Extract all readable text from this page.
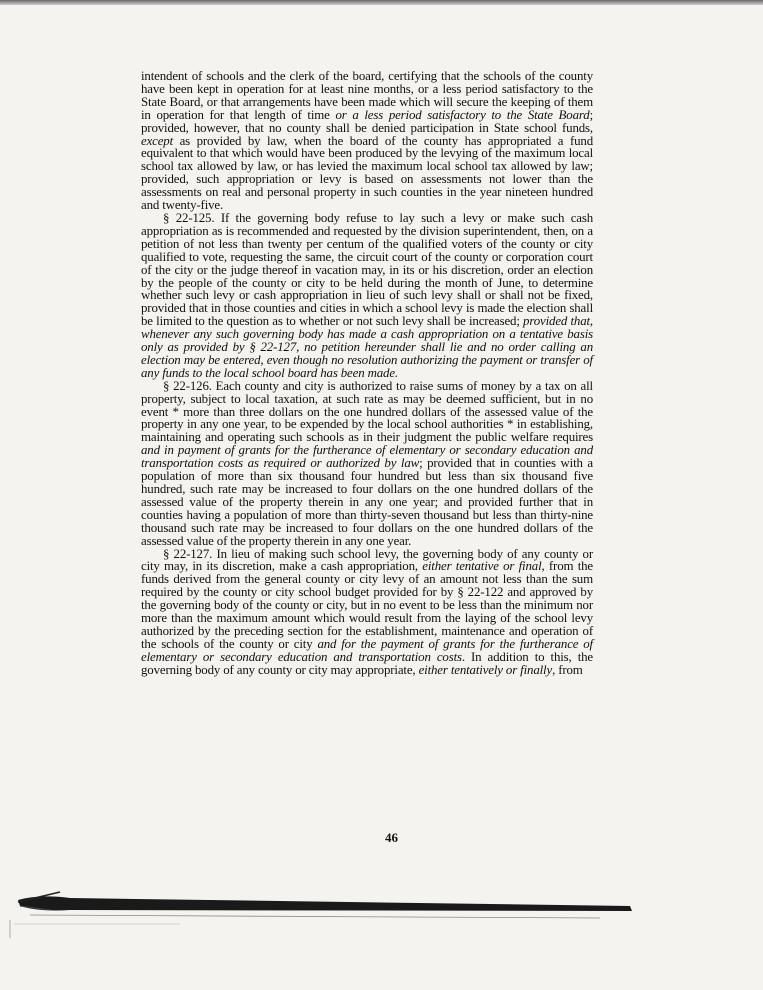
intendent of schools and the clerk of the board, certifying that the schools of the county have been kept in operation for at least nine months, or a less period satisfactory to the State Board, or that arrangements have been made which will secure the keeping of them in operation for that length of time or a less period satisfactory to the State Board; provided, however, that no county shall be denied participation in State school funds, except as provided by law, when the board of the county has appropriated a fund equivalent to that which would have been produced by the levying of the maximum local school tax allowed by law, or has levied the maximum local school tax allowed by law; provided, such appropriation or levy is based on assessments not lower than the assessments on real and personal property in such counties in the year nineteen hundred and twenty-five.

§ 22-125. If the governing body refuse to lay such a levy or make such cash appropriation as is recommended and requested by the division superintendent, then, on a petition of not less than twenty per centum of the qualified voters of the county or city qualified to vote, requesting the same, the circuit court of the county or corporation court of the city or the judge thereof in vacation may, in its or his discretion, order an election by the people of the county or city to be held during the month of June, to determine whether such levy or cash appropriation in lieu of such levy shall or shall not be fixed, provided that in those counties and cities in which a school levy is made the election shall be limited to the question as to whether or not such levy shall be increased; provided that, whenever any such governing body has made a cash appropriation on a tentative basis only as provided by § 22-127, no petition hereunder shall lie and no order calling an election may be entered, even though no resolution authorizing the payment or transfer of any funds to the local school board has been made.

§ 22-126. Each county and city is authorized to raise sums of money by a tax on all property, subject to local taxation, at such rate as may be deemed sufficient, but in no event * more than three dollars on the one hundred dollars of the assessed value of the property in any one year, to be expended by the local school authorities * in establishing, maintaining and operating such schools as in their judgment the public welfare requires and in payment of grants for the furtherance of elementary or secondary education and transportation costs as required or authorized by law; provided that in counties with a population of more than six thousand four hundred but less than six thousand five hundred, such rate may be increased to four dollars on the one hundred dollars of the assessed value of the property therein in any one year; and provided further that in counties having a population of more than thirty-seven thousand but less than thirty-nine thousand such rate may be increased to four dollars on the one hundred dollars of the assessed value of the property therein in any one year.

§ 22-127. In lieu of making such school levy, the governing body of any county or city may, in its discretion, make a cash appropriation, either tentative or final, from the funds derived from the general county or city levy of an amount not less than the sum required by the county or city school budget provided for by § 22-122 and approved by the governing body of the county or city, but in no event to be less than the minimum nor more than the maximum amount which would result from the laying of the school levy authorized by the preceding section for the establishment, maintenance and operation of the schools of the county or city and for the payment of grants for the furtherance of elementary or secondary education and transportation costs. In addition to this, the governing body of any county or city may appropriate, either tentatively or finally, from

46
